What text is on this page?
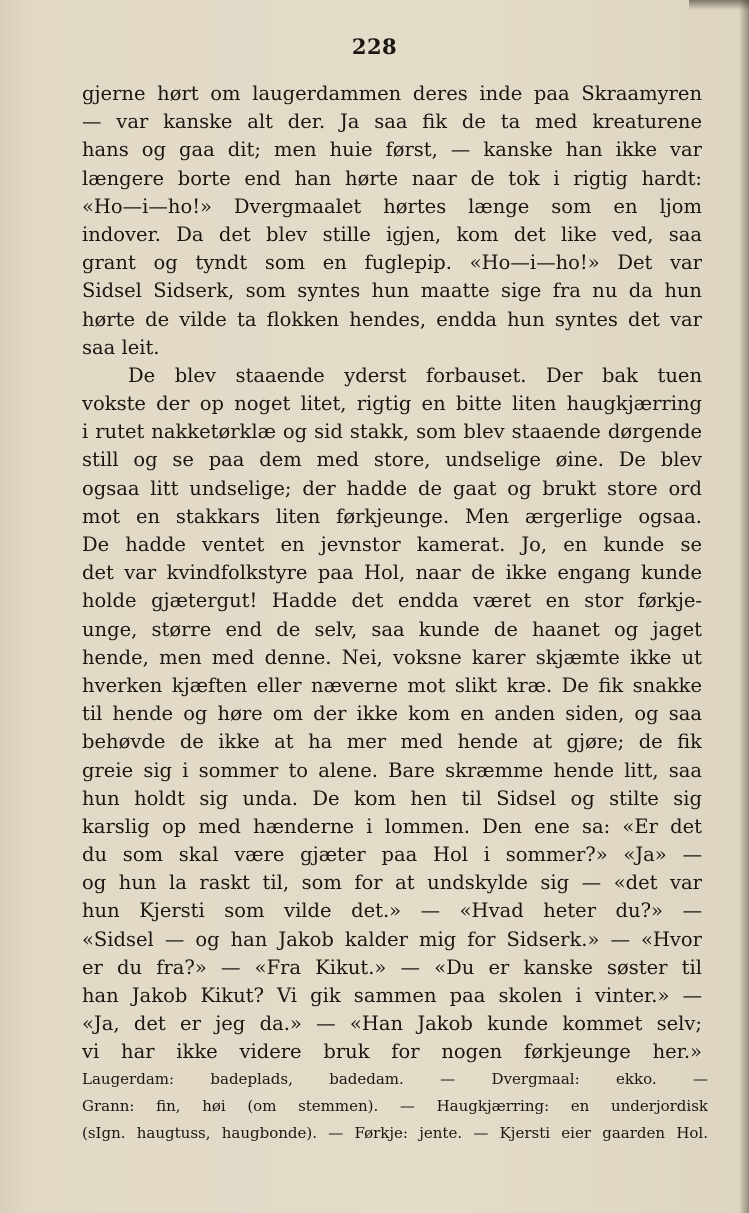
228
gjerne hørt om laugerdammen deres inde paa Skraamyren
— var kanske alt der. Ja saa fik de ta med kreaturene
hans og gaa dit; men huie først, — kanske han ikke var
længere borte end han hørte naar de tok i rigtig hardt:
«Ho—i—ho!» Dvergmaalet hørtes længe som en ljom
indover. Da det blev stille igjen, kom det like ved, saa
grant og tyndt som en fuglepip. «Ho—i—ho!» Det var
Sidsel Sidserk, som syntes hun maatte sige fra nu da hun
hørte de vilde ta flokken hendes, endda hun syntes det var
saa leit.
De blev staaende yderst forbauset. Der bak tuen
vokste der op noget litet, rigtig en bitte liten haugkjærring
i rutet nakketørklæ og sid stakk, som blev staaende dørgende
still og se paa dem med store, undselige øine. De blev
ogsaa litt undselige; der hadde de gaat og brukt store ord
mot en stakkars liten førkjeunge. Men ærgerlige ogsaa.
De hadde ventet en jevnstor kamerat. Jo, en kunde se
det var kvindfolkstyre paa Hol, naar de ikke engang kunde
holde gjætergut! Hadde det endda været en stor førkje-
unge, større end de selv, saa kunde de haanet og jaget
hende, men med denne. Nei, voksne karer skjæmte ikke ut
hverken kjæften eller næverne mot slikt kræ. De fik snakke
til hende og høre om der ikke kom en anden siden, og saa
behøvde de ikke at ha mer med hende at gjøre; de fik
greie sig i sommer to alene. Bare skræmme hende litt, saa
hun holdt sig unda. De kom hen til Sidsel og stilte sig
karslig op med hænderne i lommen. Den ene sa: «Er det
du som skal være gjæter paa Hol i sommer?» «Ja» —
og hun la raskt til, som for at undskylde sig — «det var
hun Kjersti som vilde det.» — «Hvad heter du?» —
«Sidsel — og han Jakob kalder mig for Sidserk.» — «Hvor
er du fra?» — «Fra Kikut.» — «Du er kanske søster til
han Jakob Kikut? Vi gik sammen paa skolen i vinter.» —
«Ja, det er jeg da.» — «Han Jakob kunde kommet selv;
vi har ikke videre bruk for nogen førkjeunge her.»
Laugerdam: badeplads, badedam. — Dvergmaal: ekko. —
Grann: fin, høi (om stemmen). — Haugkjærring: en underjordisk
(sIgn. haugtuss, haugbonde). — Førkje: jente. — Kjersti eier gaarden Hol.
